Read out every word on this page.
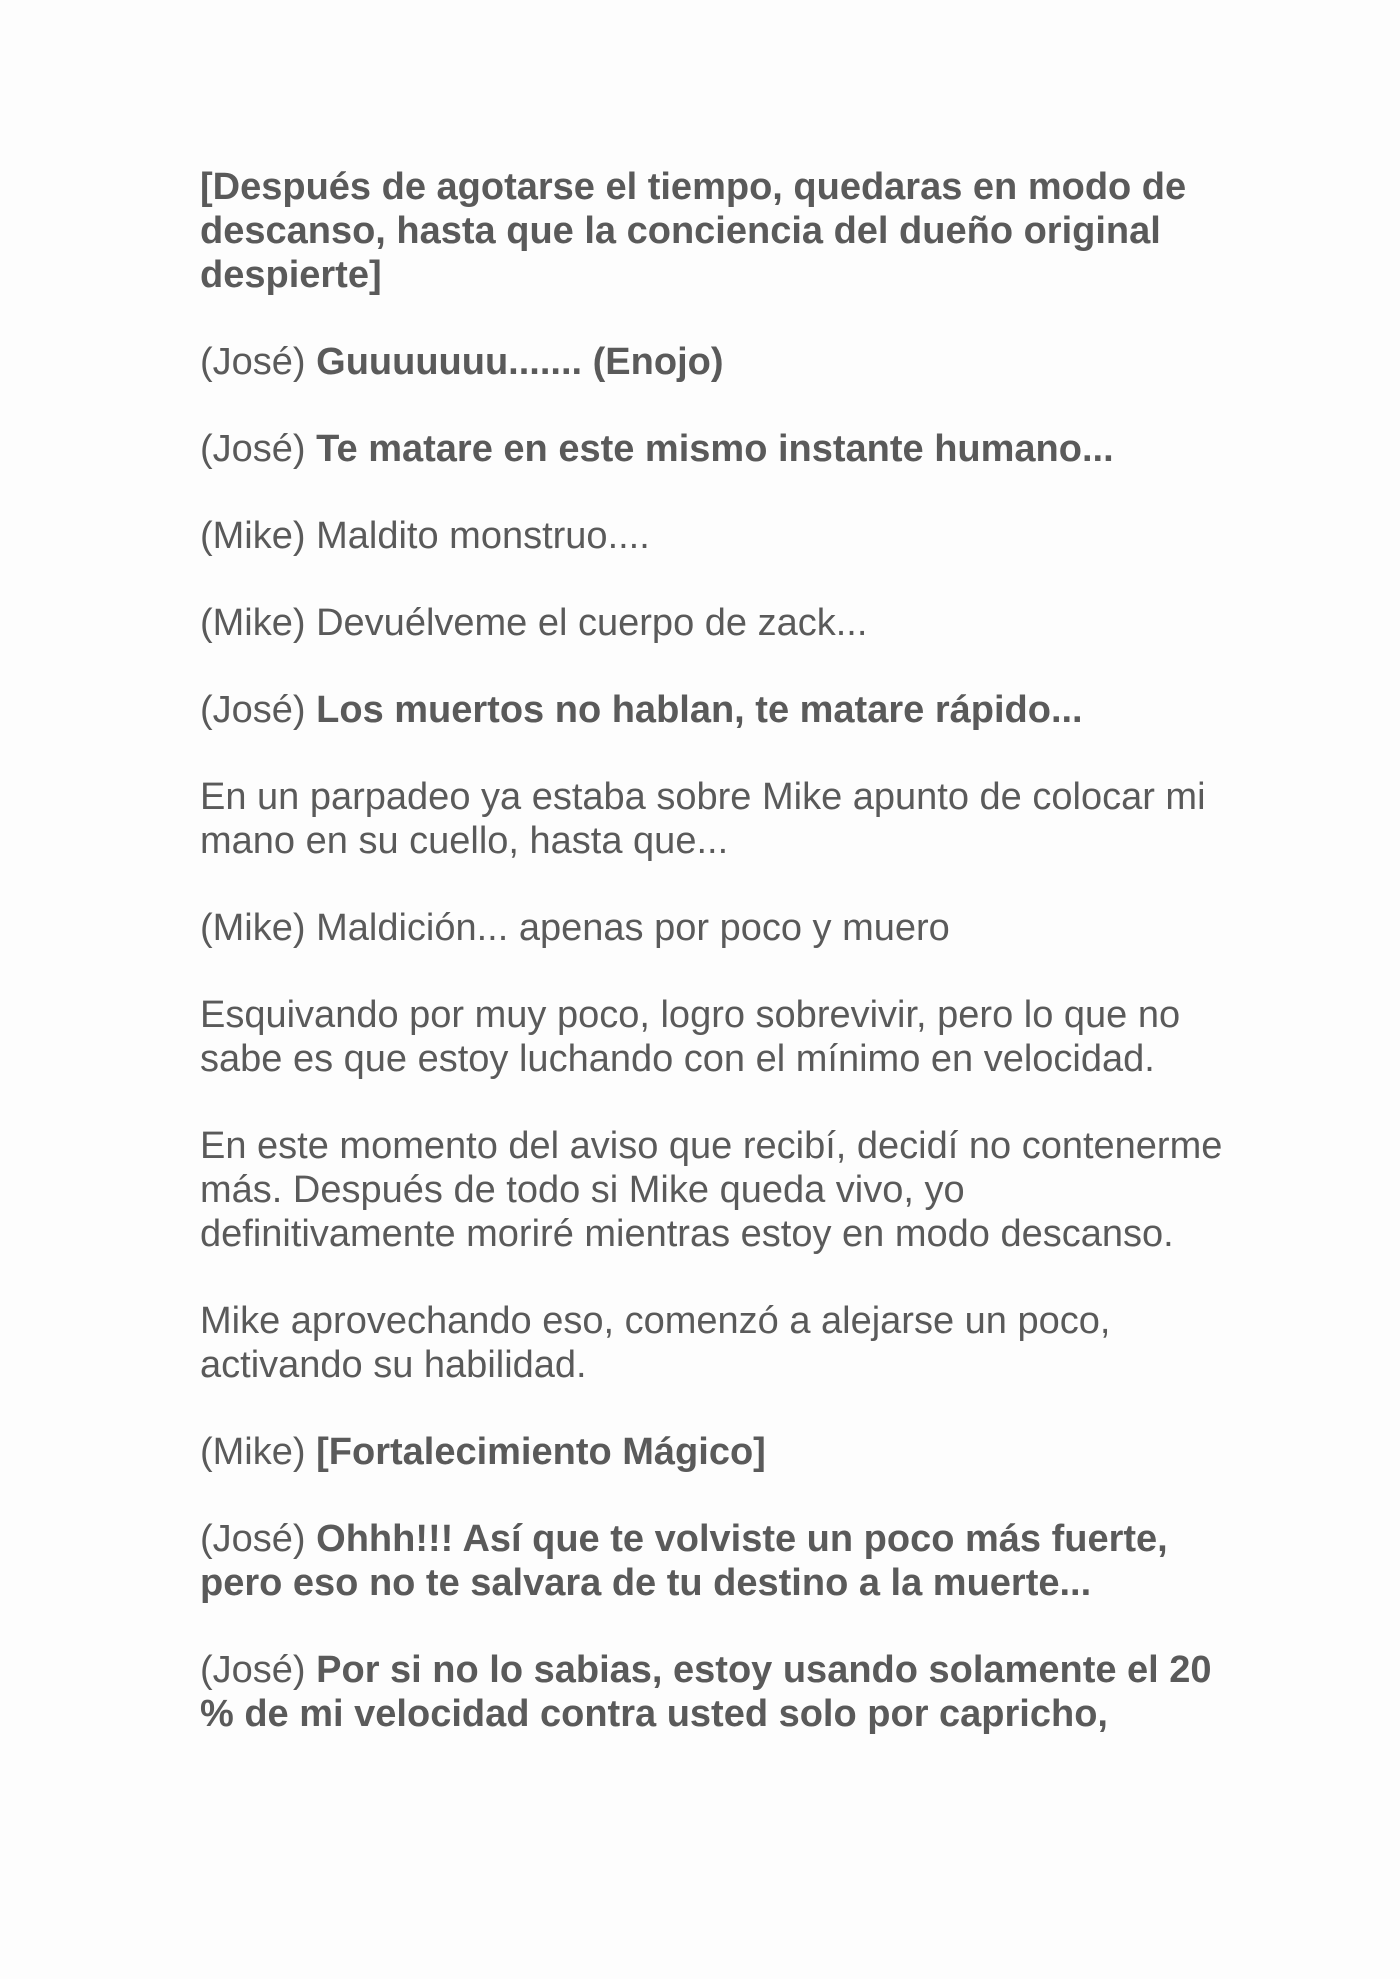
[Después de agotarse el tiempo, quedaras en modo de descanso, hasta que la conciencia del dueño original despierte]

(José) Guuuuuuu....... (Enojo)

(José) Te matare en este mismo instante humano...

(Mike) Maldito monstruo....

(Mike) Devuélveme el cuerpo de zack...

(José) Los muertos no hablan, te matare rápido...

En un parpadeo ya estaba sobre Mike apunto de colocar mi mano en su cuello, hasta que...

(Mike) Maldición... apenas por poco y muero

Esquivando por muy poco, logro sobrevivir, pero lo que no sabe es que estoy luchando con el mínimo en velocidad.

En este momento del aviso que recibí, decidí no contenerme más. Después de todo si Mike queda vivo, yo definitivamente moriré mientras estoy en modo descanso.

Mike aprovechando eso, comenzó a alejarse un poco, activando su habilidad.

(Mike) [Fortalecimiento Mágico]

(José) Ohhh!!! Así que te volviste un poco más fuerte, pero eso no te salvara de tu destino a la muerte...

(José) Por si no lo sabias, estoy usando solamente el 20 % de mi velocidad contra usted solo por capricho,
